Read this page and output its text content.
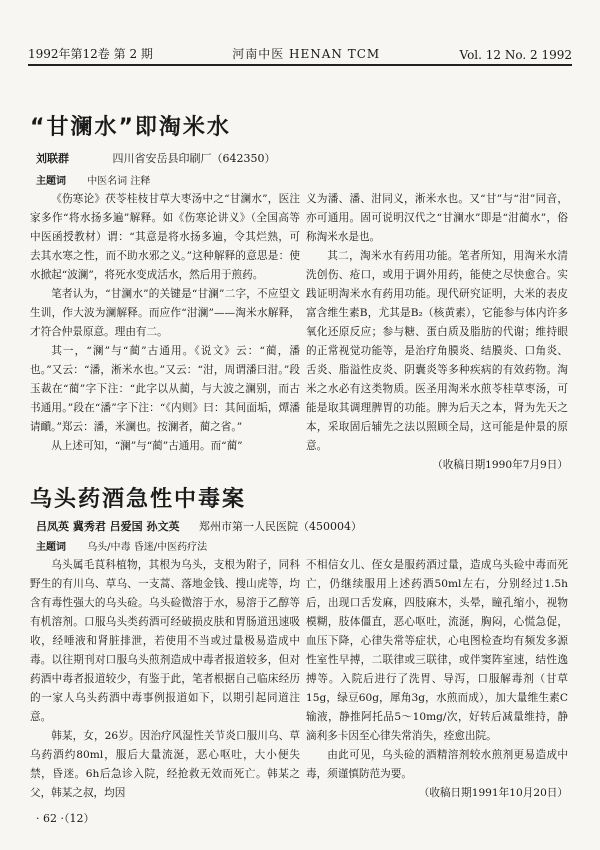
1992年第12卷 第 2 期	河南中医 HENAN TCM	Vol. 12 No. 2 1992
“甘澜水”即淘米水
刘联群	四川省安岳县印刷厂（642350）
主题词 中医名词 注释

《伤寒论》茯苓桂枝甘草大枣汤中之“甘澜水”，医注家多作“将水扬多遍”解释。如《伤寒论讲义》（全国高等中医函授教材）谓：“其意是将水扬多遍，令其烂熟，可去其水寒之性，而不助水邪之义。”这种解释的意思是：使水掀起“波澜”，将死水变成活水，然后用于煎药。

笔者认为，“甘澜水”的关键是“甘澜”二字，不应望文生训，作大波为澜解释。而应作“泔澜”——淘米水解释，才符合仲景原意。理由有二。

其一，“澜”与“蔺”古通用。《说文》云：“蔺，潘也。”又云：“潘，淅米水也。”又云：“泔，周谓潘曰泔。”段玉裁在“蔺”字下注：“此字以从蔺，与大波之澜别，而古书通用。”段在“潘”字下注：“《内则》曰：其间面垢，燂潘请靧。”郑云：潘，米澜也。按澜者，蔺之省。”

从上述可知，“澜”与“蔺”古通用。而“蔺”

义为潘、潘、泔同义，淅米水也。又“甘”与“泔”同音，亦可通用。固可说明汉代之“甘澜水”即是“泔蔺水”，俗称淘米水是也。

其二，淘米水有药用功能。笔者所知，用淘米水清洗创伤、疮口，或用于调外用药，能使之尽快愈合。实践证明淘米水有药用功能。现代研究证明，大米的表皮富含维生素B，尤其是B₂（核黄素），它能参与体内许多氧化还原反应；参与糖、蛋白质及脂肪的代谢；维持眼的正常视觉功能等，是治疗角膜炎、结膜炎、口角炎、舌炎、脂溢性皮炎、阴囊炎等多种疾病的有效药物。淘米之水必有这类物质。医圣用淘米水煎苓桂草枣汤，可能是取其调理脾胃的功能。脾为后天之本，肾为先天之本，采取固后辅先之法以照顾全局，这可能是仲景的原意。

（收稿日期1990年7月9日）

乌头药酒急性中毒案
吕凤英 冀秀君 吕爱国 孙文英 郑州市第一人民医院（450004）
主题词 乌头/中毒 昏迷/中医药疗法

乌头属毛茛科植物，其根为乌头，支根为附子，同科野生的有川乌、草乌、一支蒿、落地金钱、搜山虎等，均含有毒性强大的乌头硷。乌头硷微溶于水，易溶于乙醇等有机溶剂。口服乌头类药酒可经破损皮肤和胃肠道迅速吸收，经唾液和肾脏排泄，若使用不当或过量极易造成中毒。以往期刊对口服乌头煎剂造成中毒者报道较多，但对药酒中毒者报道较少，有鉴于此，笔者根据自己临床经历的一家人乌头药酒中毒事例报道如下，以期引起同道注意。

韩某，女，26岁。因治疗风湿性关节炎口服川乌、草乌药酒约80ml，服后大量流涎，恶心呕吐，大小便失禁，昏迷。6h后急诊入院，经抢救无效而死亡。韩某之父，韩某之叔，均因

不相信女儿、侄女是服药酒过量，造成乌头硷中毒而死亡，仍继续服用上述药酒50ml左右，分别经过1.5h后，出现口舌发麻，四肢麻木，头晕，瞳孔缩小，视物模糊，肢体僵直，恶心呕吐，流涎，胸闷，心慌急促，血压下降，心律失常等症状，心电图检查均有频发多源性室性早搏，二联律或三联律，或伴窦阵室速，结性逸搏等。入院后进行了洗胃、导泻，口服解毒剂（甘草15g，绿豆60g，犀角3g，水煎而成），加大量维生素C输液，静推阿托品5～10mg/次，好转后减量维持，静滴利多卡因至心律失常消失，痊愈出院。

由此可见，乌头硷的酒精溶剂较水煎剂更易造成中毒，须谨慎防范为要。

（收稿日期1991年10月20日）

· 62 ·（12）
